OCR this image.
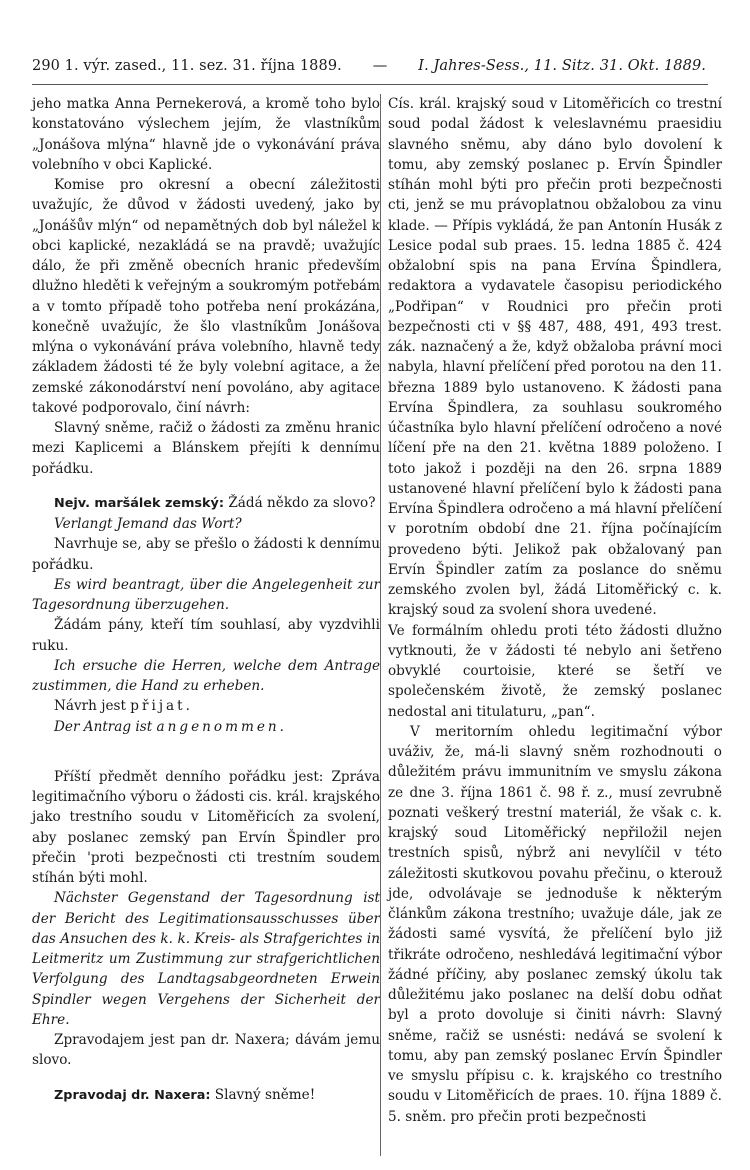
290 1. výr. zased., 11. sez. 31. října 1889.	—	I. Jahres-Sess., 11. Sitz. 31. Okt. 1889.

jeho matka Anna Pernekerová, a kromě toho bylo konstatováno výslechem jejím, že vlastníkům „Jonášova mlýna“ hlavně jde o vykonávání práva volebního v obci Kaplické.

Komise pro okresní a obecní záležitosti uvažujíc, že důvod v žádosti uvedený, jako by „Jonášův mlýn“ od nepamětných dob byl náležel k obci kaplické, nezakládá se na pravdě; uvažujíc dálo, že při změně obecních hranic především dlužno hleděti k veřejným a soukromým potřebám a v tomto případě toho potřeba není prokázána, konečně uvažujíc, že šlo vlastníkům Jonášova mlýna o vykonávání práva volebního, hlavně tedy základem žádosti té že byly volební agitace, a že zemské zákonodárství není povoláno, aby agitace takové podporovalo, činí návrh:

Slavný sněme, račiž o žádosti za změnu hranic mezi Kaplicemi a Blánskem přejíti k dennímu pořádku.

Nejv. maršálek zemský: Žádá někdo za slovo?

Verlangt Jemand das Wort?

Navrhuje se, aby se přešlo o žádosti k dennímu pořádku.

Es wird beantragt, über die Angelegenheit zur Tagesordnung überzugehen.

Žádám pány, kteří tím souhlasí, aby vyzdvihli ruku.

Ich ersuche die Herren, welche dem Antrage zustimmen, die Hand zu erheben.

Návrh jest přijat.

Der Antrag ist angenommen.

Příští předmět denního pořádku jest: Zpráva legitimačního výboru o žádosti cis. král. krajského jako trestního soudu v Litoměřicích za svolení, aby poslanec zemský pan Ervín Špindler pro přečin 'proti bezpečnosti cti trestním soudem stíhán býti mohl.

Nächster Gegenstand der Tagesordnung ist der Bericht des Legitimationsausschusses über das Ansuchen des k. k. Kreis- als Strafgerichtes in Leitmeritz um Zustimmung zur strafgerichtlichen Verfolgung des Landtagsabgeordneten Erwein Spindler wegen Vergehens der Sicherheit der Ehre.

Zpravodajem jest pan dr. Naxera; dávám jemu slovo.

Zpravodaj dr. Naxera: Slavný sněme!

Cís. král. krajský soud v Litoměřicích co trestní soud podal žádost k veleslavnému praesidiu slavného sněmu, aby dáno bylo dovolení k tomu, aby zemský poslanec p. Ervín Špindler stíhán mohl býti pro přečin proti bezpečnosti cti, jenž se mu právoplatnou obžalobou za vinu klade. — Přípis vykládá, že pan Antonín Husák z Lesice podal sub praes. 15. ledna 1885 č. 424 obžalobní spis na pana Ervína Špindlera, redaktora a vydavatele časopisu periodického „Podřipan“ v Roudnici pro přečin proti bezpečnosti cti v §§ 487, 488, 491, 493 trest. zák. naznačený a že, když obžaloba právní moci nabyla, hlavní přelíčení před porotou na den 11. března 1889 bylo ustanoveno. K žádosti pana Ervína Špindlera, za souhlasu soukromého účastníka bylo hlavní přelíčení odročeno a nové líčení pře na den 21. května 1889 položeno. I toto jakož i později na den 26. srpna 1889 ustanovené hlavní přelíčení bylo k žádosti pana Ervína Špindlera odročeno a má hlavní přelíčení v porotním období dne 21. října počínajícím provedeno býti. Jelikož pak obžalovaný pan Ervín Špindler zatím za poslance do sněmu zemského zvolen byl, žádá Litoměřický c. k. krajský soud za svolení shora uvedené.

Ve formálním ohledu proti této žádosti dlužno vytknouti, že v žádosti té nebylo ani šetřeno obvyklé courtoisie, které se šetří ve společenském životě, že zemský poslanec nedostal ani titulaturu, „pan“.

V meritorním ohledu legitimační výbor uváživ, že, má-li slavný sněm rozhodnouti o důležitém právu immunitním ve smyslu zákona ze dne 3. října 1861 č. 98 ř. z., musí zevrubně poznati veškerý trestní materiál, že však c. k. krajský soud Litoměřický nepřiložil nejen trestních spisů, nýbrž ani nevylíčil v této záležitosti skutkovou povahu přečinu, o kterouž jde, odvolávaje se jednoduše k některým článkům zákona trestního; uvažuje dále, jak ze žádosti samé vysvítá, že přelíčení bylo již třikráte odročeno, neshledává legitimační výbor žádné příčiny, aby poslanec zemský úkolu tak důležitému jako poslanec na delší dobu odňat byl a proto dovoluje si činiti návrh: Slavný sněme, račiž se usnésti: nedává se svolení k tomu, aby pan zemský poslanec Ervín Špindler ve smyslu přípisu c. k. krajského co trestního soudu v Litoměřicích de praes. 10. října 1889 č. 5. sněm. pro přečin proti bezpečnosti
